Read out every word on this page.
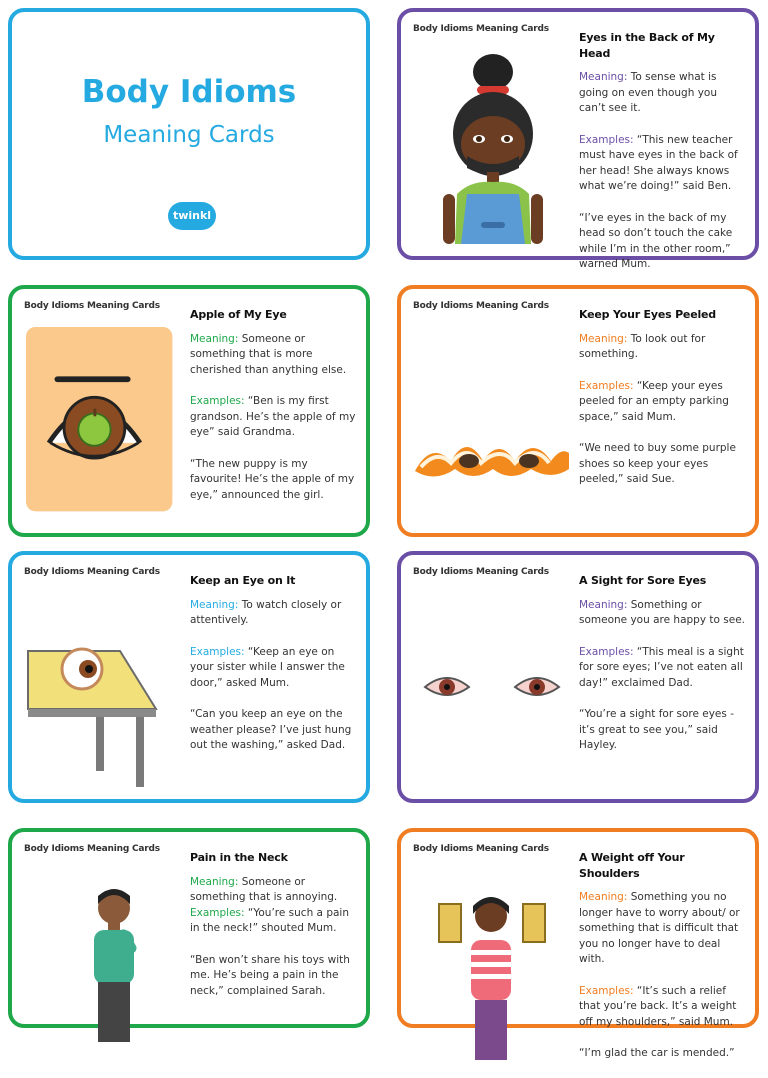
Body Idioms
Meaning Cards
twinkl
Body Idioms Meaning Cards
Eyes in the Back of My Head
Meaning: To sense what is going on even though you can’t see it.
Examples: “This new teacher must have eyes in the back of her head! She always knows what we’re doing!” said Ben.
“I’ve eyes in the back of my head so don’t touch the cake while I’m in the other room,” warned Mum.
Body Idioms Meaning Cards
Apple of My Eye
Meaning: Someone or something that is more cherished than anything else.
Examples: “Ben is my first grandson. He’s the apple of my eye” said Grandma.
“The new puppy is my favourite! He’s the apple of my eye,” announced the girl.
Body Idioms Meaning Cards
Keep Your Eyes Peeled
Meaning: To look out for something.
Examples: “Keep your eyes peeled for an empty parking space,” said Mum.
“We need to buy some purple shoes so keep your eyes peeled,” said Sue.
Body Idioms Meaning Cards
Keep an Eye on It
Meaning: To watch closely or attentively.
Examples: “Keep an eye on your sister while I answer the door,” asked Mum.
“Can you keep an eye on the weather please? I’ve just hung out the washing,” asked Dad.
Body Idioms Meaning Cards
A Sight for Sore Eyes
Meaning: Something or someone you are happy to see.
Examples: “This meal is a sight for sore eyes; I’ve not eaten all day!” exclaimed Dad.
“You’re a sight for sore eyes - it’s great to see you,” said Hayley.
Body Idioms Meaning Cards
Pain in the Neck
Meaning: Someone or something that is annoying.
Examples: “You’re such a pain in the neck!” shouted Mum.
“Ben won’t share his toys with me. He’s being a pain in the neck,” complained Sarah.
Body Idioms Meaning Cards
A Weight off Your Shoulders
Meaning: Something you no longer have to worry about/ or something that is difficult that you no longer have to deal with.
Examples: “It’s such a relief that you’re back. It’s a weight off my shoulders,” said Mum.
“I’m glad the car is mended.”
